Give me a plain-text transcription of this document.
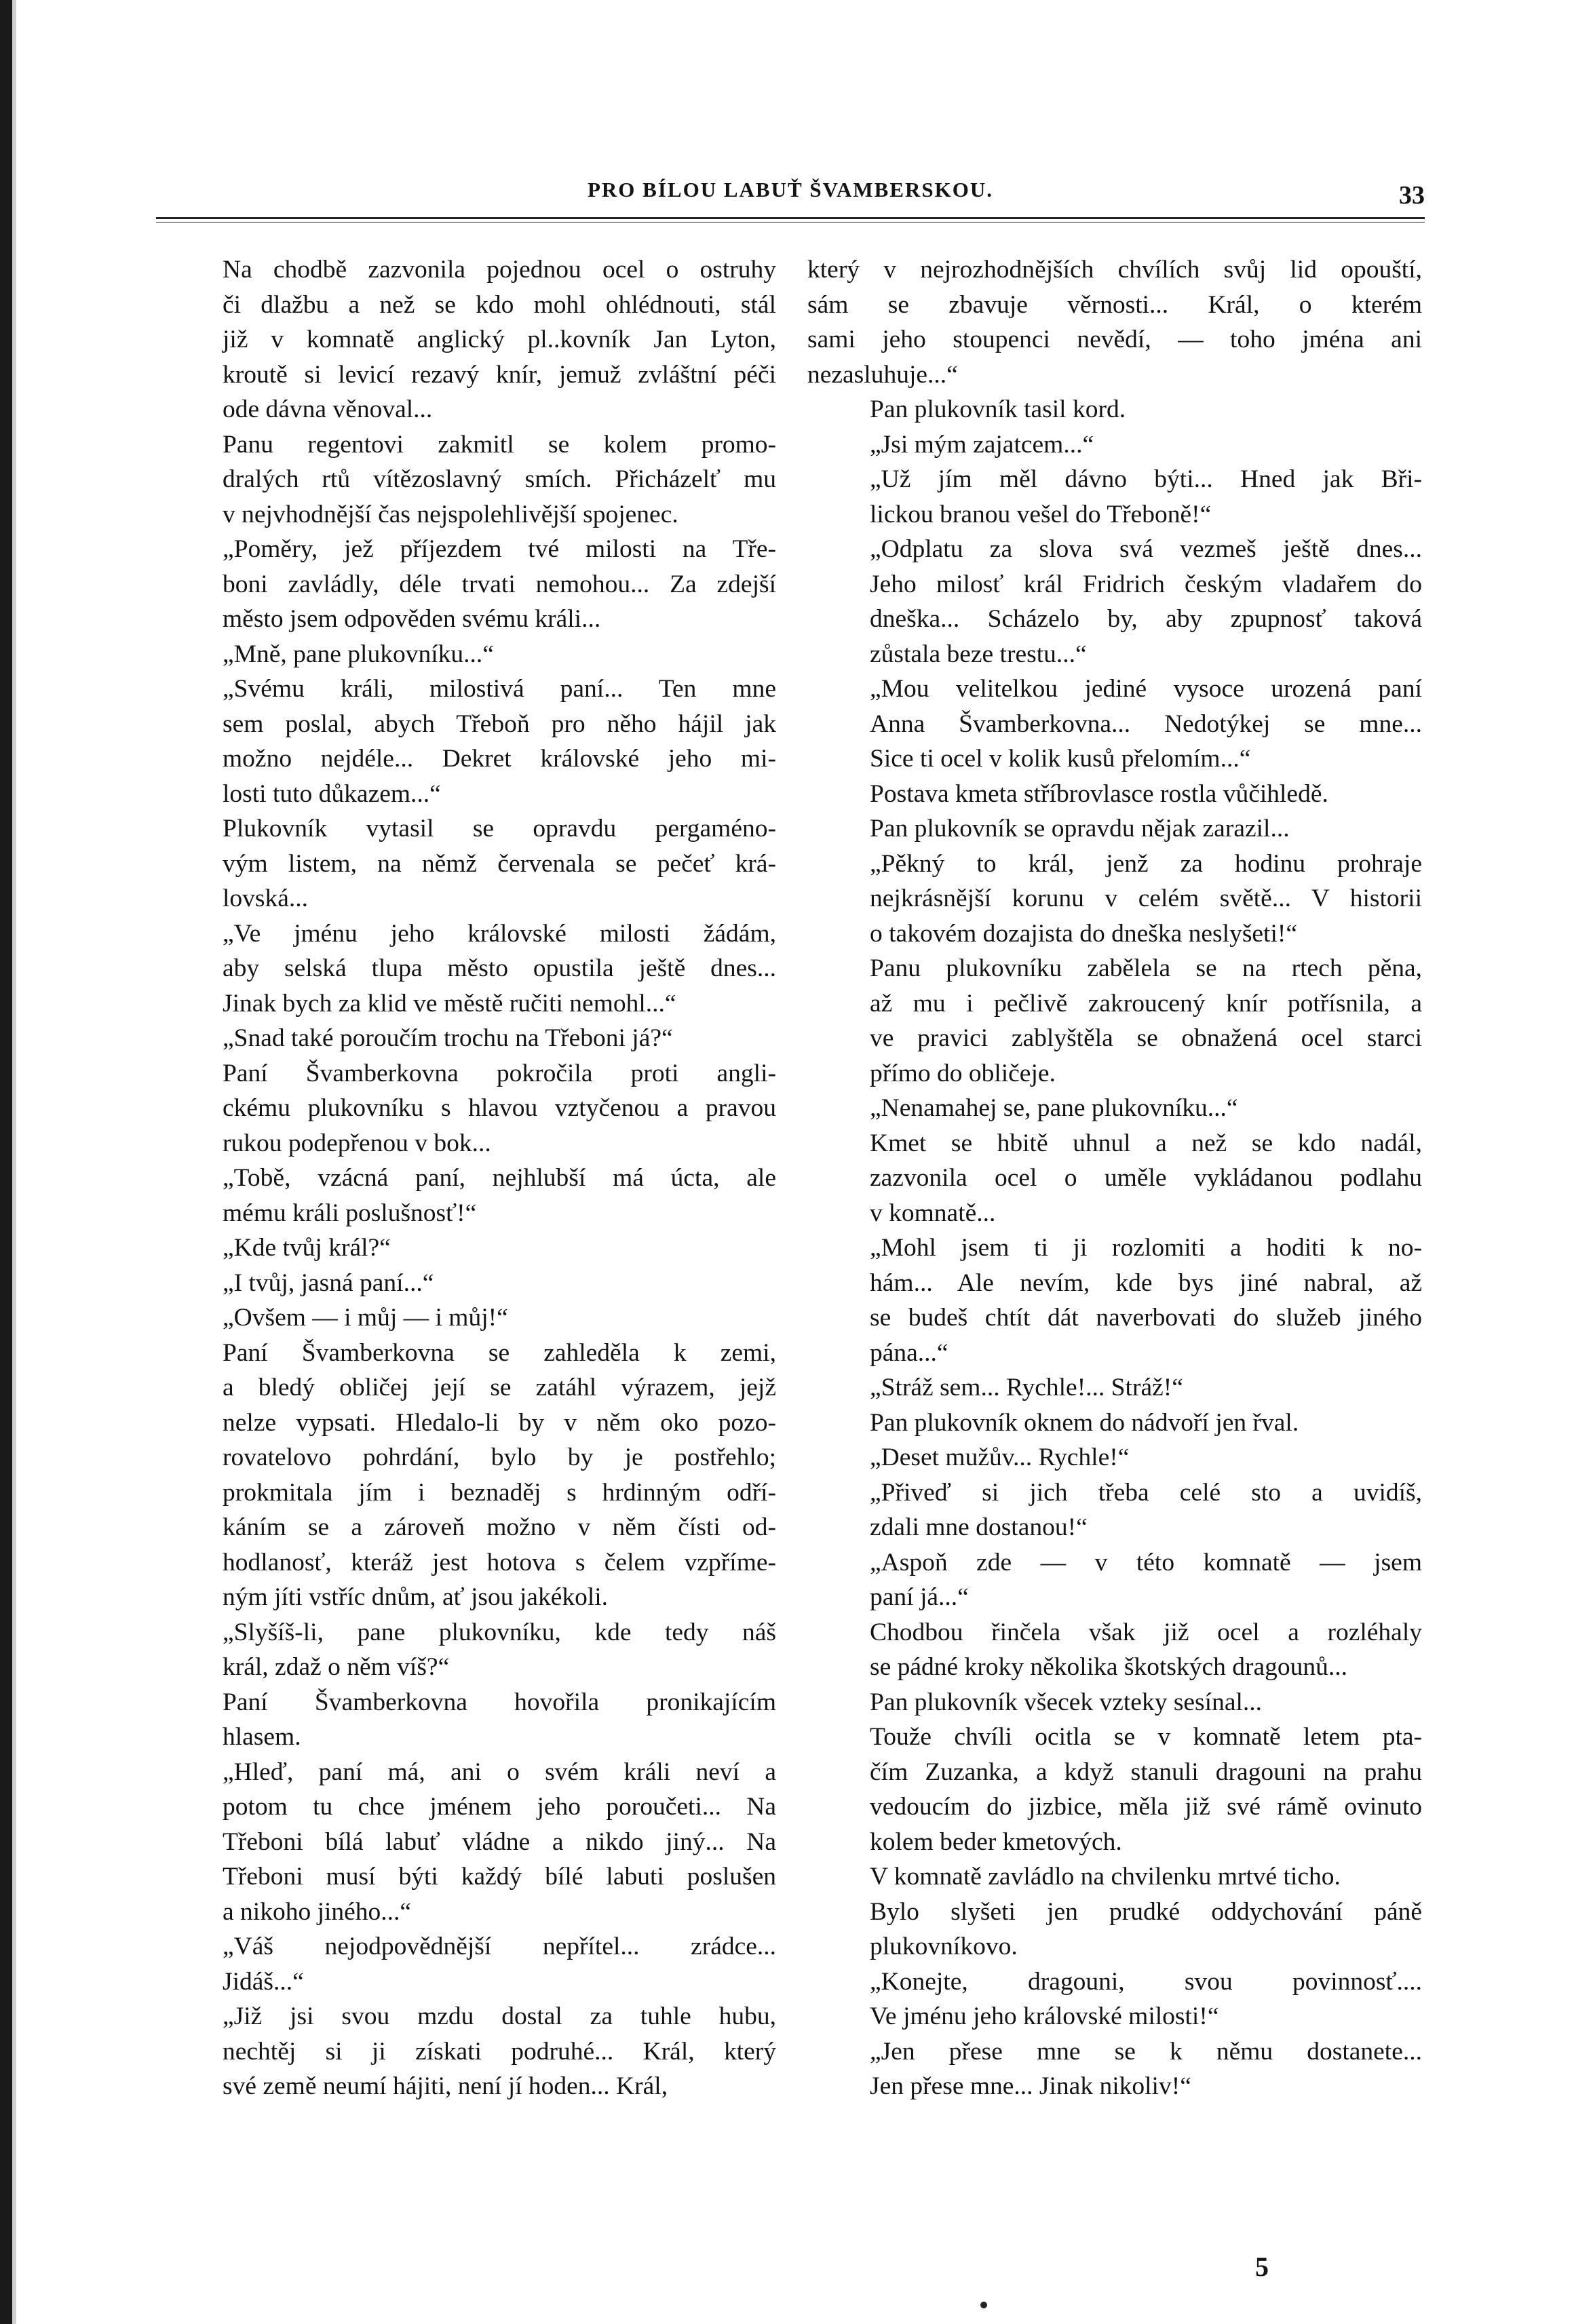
PRO BÍLOU LABUŤ ŠVAMBERSKOU.	33

Na chodbě zazvonila pojednou ocel o ostruhy
či dlažbu a než se kdo mohl ohlédnouti, stál
již v komnatě anglický pl..kovník Jan Lyton,
kroutě si levicí rezavý knír, jemuž zvláštní péči
ode dávna věnoval...

Panu regentovi zakmitl se kolem promo-
dralých rtů vítězoslavný smích. Přicházelť mu
v nejvhodnější čas nejspolehlivější spojenec.

„Poměry, jež příjezdem tvé milosti na Tře-
boni zavládly, déle trvati nemohou... Za zdejší
město jsem odpověden svému králi...

„Mně, pane plukovníku...“

„Svému králi, milostivá paní... Ten mne
sem poslal, abych Třeboň pro něho hájil jak
možno nejdéle... Dekret královské jeho mi-
losti tuto důkazem...“

Plukovník vytasil se opravdu pergaméno-
vým listem, na němž červenala se pečeť krá-
lovská...

„Ve jménu jeho královské milosti žádám,
aby selská tlupa město opustila ještě dnes...
Jinak bych za klid ve městě ručiti nemohl...“

„Snad také poroučím trochu na Třeboni já?“

Paní Švamberkovna pokročila proti angli-
ckému plukovníku s hlavou vztyčenou a pravou
rukou podepřenou v bok...

„Tobě, vzácná paní, nejhlubší má úcta, ale
mému králi poslušnosť!“

„Kde tvůj král?“

„I tvůj, jasná paní...“

„Ovšem — i můj — i můj!“

Paní Švamberkovna se zahleděla k zemi,
a bledý obličej její se zatáhl výrazem, jejž
nelze vypsati. Hledalo-li by v něm oko pozo-
rovatelovo pohrdání, bylo by je postřehlo;
prokmitala jím i beznaděj s hrdinným odří-
káním se a zároveň možno v něm čísti od-
hodlanosť, kteráž jest hotova s čelem vzpříme-
ným jíti vstříc dnům, ať jsou jakékoli.

„Slyšíš-li, pane plukovníku, kde tedy náš
král, zdaž o něm víš?“

Paní Švamberkovna hovořila pronikajícím
hlasem.

„Hleď, paní má, ani o svém králi neví a
potom tu chce jménem jeho poroučeti... Na
Třeboni bílá labuť vládne a nikdo jiný... Na
Třeboni musí býti každý bílé labuti poslušen
a nikoho jiného...“

„Váš nejodpovědnější nepřítel... zrádce...
Jidáš...“

„Již jsi svou mzdu dostal za tuhle hubu,
nechtěj si ji získati podruhé... Král, který
své země neumí hájiti, není jí hoden... Král,

který v nejrozhodnějších chvílích svůj lid opouští,
sám se zbavuje věrnosti... Král, o kterém
sami jeho stoupenci nevědí, — toho jména ani
nezasluhuje...“

Pan plukovník tasil kord.

„Jsi mým zajatcem...“

„Už jím měl dávno býti... Hned jak Bři-
lickou branou vešel do Třeboně!“

„Odplatu za slova svá vezmeš ještě dnes...
Jeho milosť král Fridrich českým vladařem do
dneška... Scházelo by, aby zpupnosť taková
zůstala beze trestu...“

„Mou velitelkou jediné vysoce urozená paní
Anna Švamberkovna... Nedotýkej se mne...
Sice ti ocel v kolik kusů přelomím...“

Postava kmeta stříbrovlasce rostla vůčihledě.

Pan plukovník se opravdu nějak zarazil...

„Pěkný to král, jenž za hodinu prohraje
nejkrásnější korunu v celém světě... V historii
o takovém dozajista do dneška neslyšeti!“

Panu plukovníku zabělela se na rtech pěna,
až mu i pečlivě zakroucený knír potřísnila, a
ve pravici zablyštěla se obnažená ocel starci
přímo do obličeje.

„Nenamahej se, pane plukovníku...“

Kmet se hbitě uhnul a než se kdo nadál,
zazvonila ocel o uměle vykládanou podlahu
v komnatě...

„Mohl jsem ti ji rozlomiti a hoditi k no-
hám... Ale nevím, kde bys jiné nabral, až
se budeš chtít dát naverbovati do služeb jiného
pána...“

„Stráž sem... Rychle!... Stráž!“

Pan plukovník oknem do nádvoří jen řval.

„Deset mužův... Rychle!“

„Přiveď si jich třeba celé sto a uvidíš,
zdali mne dostanou!“

„Aspoň zde — v této komnatě — jsem
paní já...“

Chodbou řinčela však již ocel a rozléhaly
se pádné kroky několika škotských dragounů...

Pan plukovník všecek vzteky sesínal...

Touže chvíli ocitla se v komnatě letem pta-
čím Zuzanka, a když stanuli dragouni na prahu
vedoucím do jizbice, měla již své rámě ovinuto
kolem beder kmetových.

V komnatě zavládlo na chvilenku mrtvé ticho.

Bylo slyšeti jen prudké oddychování páně
plukovníkovo.

„Konejte, dragouni, svou povinnosť....
Ve jménu jeho královské milosti!“

„Jen přese mne se k němu dostanete...
Jen přese mne... Jinak nikoliv!“

5
